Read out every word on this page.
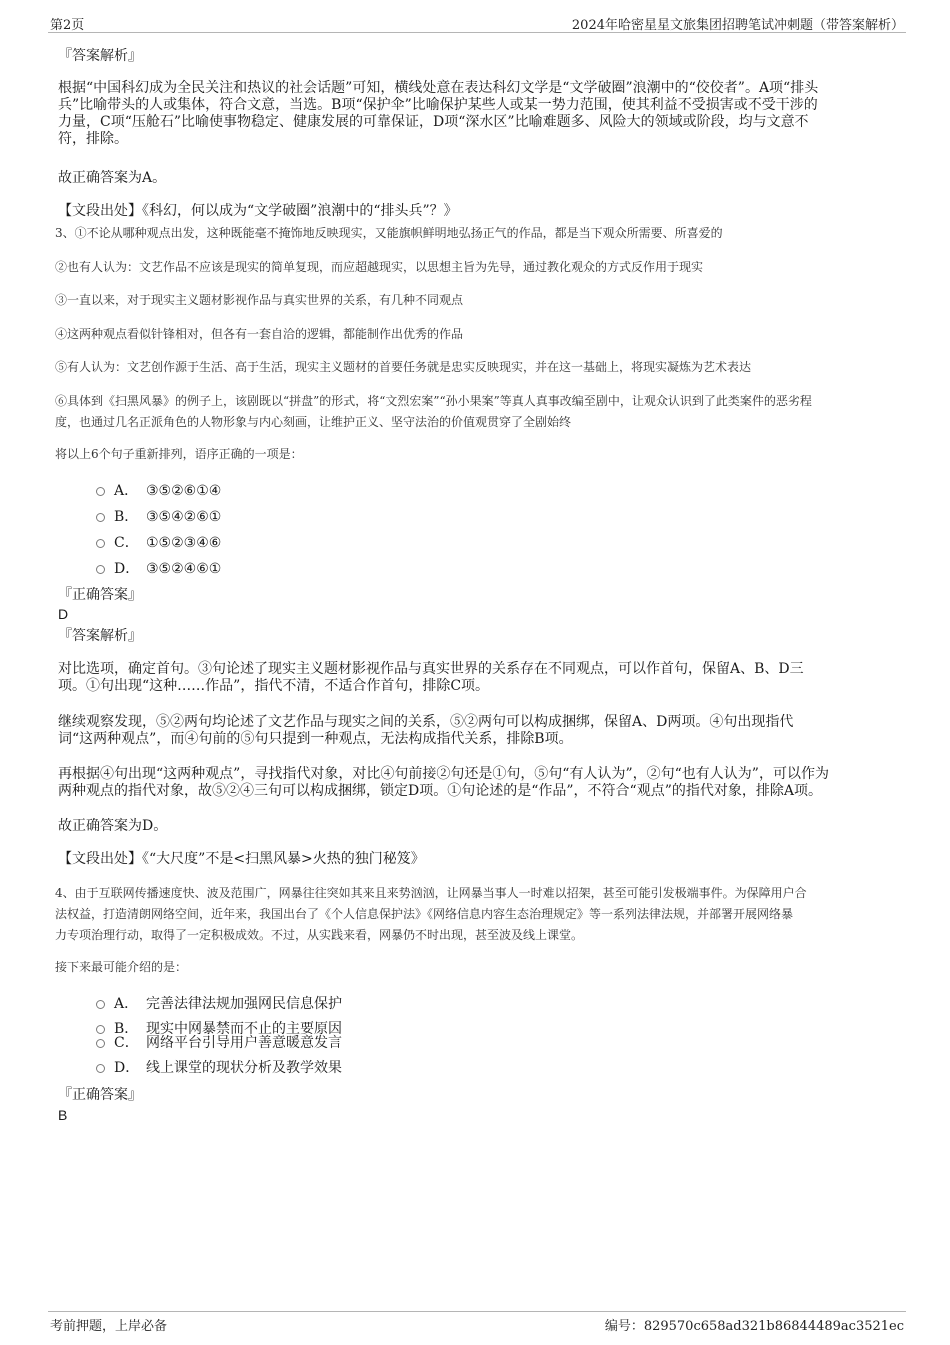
第2页	2024年哈密星星文旅集团招聘笔试冲刺题（带答案解析）
『答案解析』
根据“中国科幻成为全民关注和热议的社会话题”可知，横线处意在表达科幻文学是“文学破圈”浪潮中的“佼佼者”。A项“排头
兵”比喻带头的人或集体，符合文意，当选。B项“保护伞”比喻保护某些人或某一势力范围，使其利益不受损害或不受干涉的
力量，C项“压舱石”比喻使事物稳定、健康发展的可靠保证，D项“深水区”比喻难题多、风险大的领域或阶段，均与文意不
符，排除。
故正确答案为A。
【文段出处】《科幻，何以成为“文学破圈”浪潮中的“排头兵”？》
3、①不论从哪种观点出发，这种既能毫不掩饰地反映现实，又能旗帜鲜明地弘扬正气的作品，都是当下观众所需要、所喜爱的
②也有人认为：文艺作品不应该是现实的简单复现，而应超越现实，以思想主旨为先导，通过教化观众的方式反作用于现实
③一直以来，对于现实主义题材影视作品与真实世界的关系，有几种不同观点
④这两种观点看似针锋相对，但各有一套自洽的逻辑，都能制作出优秀的作品
⑤有人认为：文艺创作源于生活、高于生活，现实主义题材的首要任务就是忠实反映现实，并在这一基础上，将现实凝炼为艺术表达
⑥具体到《扫黑风暴》的例子上，该剧既以“拼盘”的形式，将“文烈宏案”“孙小果案”等真人真事改编至剧中，让观众认识到了此类案件的恶劣程
度，也通过几名正派角色的人物形象与内心刻画，让维护正义、坚守法治的价值观贯穿了全剧始终
将以上6个句子重新排列，语序正确的一项是：
A． ③⑤②⑥①④
B． ③⑤④②⑥①
C． ①⑤②③④⑥
D． ③⑤②④⑥①
『正确答案』
D
『答案解析』
对比选项，确定首句。③句论述了现实主义题材影视作品与真实世界的关系存在不同观点，可以作首句，保留A、B、D三
项。①句出现“这种……作品”，指代不清，不适合作首句，排除C项。
继续观察发现，⑤②两句均论述了文艺作品与现实之间的关系，⑤②两句可以构成捆绑，保留A、D两项。④句出现指代
词“这两种观点”，而④句前的⑤句只提到一种观点，无法构成指代关系，排除B项。
再根据④句出现“这两种观点”，寻找指代对象，对比④句前接②句还是①句，⑤句“有人认为”，②句“也有人认为”，可以作为
两种观点的指代对象，故⑤②④三句可以构成捆绑，锁定D项。①句论述的是“作品”，不符合“观点”的指代对象，排除A项。
故正确答案为D。
【文段出处】《“大尺度”不是<扫黑风暴>火热的独门秘笈》
4、由于互联网传播速度快、波及范围广，网暴往往突如其来且来势汹汹，让网暴当事人一时难以招架，甚至可能引发极端事件。为保障用户合
法权益，打造清朗网络空间，近年来，我国出台了《个人信息保护法》《网络信息内容生态治理规定》等一系列法律法规，并部署开展网络暴
力专项治理行动，取得了一定积极成效。不过，从实践来看，网暴仍不时出现，甚至波及线上课堂。
接下来最可能介绍的是：
A． 完善法律法规加强网民信息保护
B． 现实中网暴禁而不止的主要原因
C． 网络平台引导用户善意暖意发言
D． 线上课堂的现状分析及教学效果
『正确答案』
B
考前押题，上岸必备	编号：829570c658ad321b86844489ac3521ec
